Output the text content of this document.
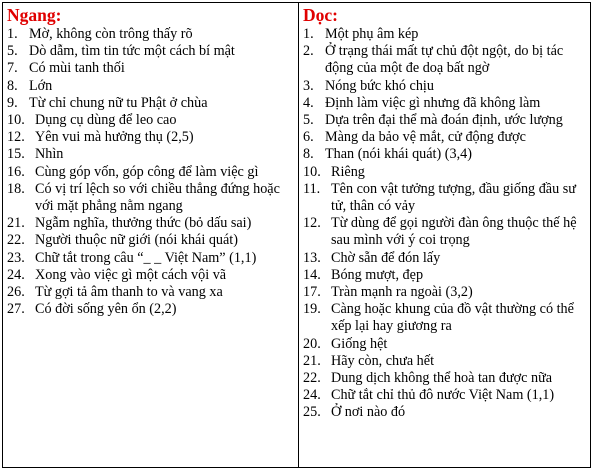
Ngang:
1. Mờ, không còn trông thấy rõ
5. Dò dẫm, tìm tin tức một cách bí mật
7. Có mùi tanh thối
8. Lớn
9. Từ chỉ chung nữ tu Phật ở chùa
10. Dụng cụ dùng để leo cao
12. Yên vui mà hưởng thụ (2,5)
15. Nhìn
16. Cùng góp vốn, góp công để làm việc gì
18. Có vị trí lệch so với chiều thẳng đứng hoặc với mặt phẳng nằm ngang
21. Ngẫm nghĩa, thưởng thức (bỏ dấu sai)
22. Người thuộc nữ giới (nói khái quát)
23. Chữ tắt trong câu “_ _ Việt Nam” (1,1)
24. Xong vào việc gì một cách vội vã
26. Từ gợi tả âm thanh to và vang xa
27. Có đời sống yên ổn (2,2)
Dọc:
1. Một phụ âm kép
2. Ở trạng thái mất tự chủ đột ngột, do bị tác động của một đe doạ bất ngờ
3. Nóng bức khó chịu
4. Định làm việc gì nhưng đã không làm
5. Dựa trên đại thể mà đoán định, ước lượng
6. Màng da bảo vệ mắt, cử động được
8. Than (nói khái quát) (3,4)
10. Riêng
11. Tên con vật tưởng tượng, đầu giống đầu sư tử, thân có vảy
12. Từ dùng để gọi người đàn ông thuộc thế hệ sau mình với ý coi trọng
13. Chờ sẵn để đón lấy
14. Bóng mượt, đẹp
17. Tràn mạnh ra ngoài (3,2)
19. Càng hoặc khung của đồ vật thường có thể xếp lại hay giương ra
20. Giống hệt
21. Hãy còn, chưa hết
22. Dung dịch không thể hoà tan được nữa
24. Chữ tắt chỉ thủ đô nước Việt Nam (1,1)
25. Ở nơi nào đó
